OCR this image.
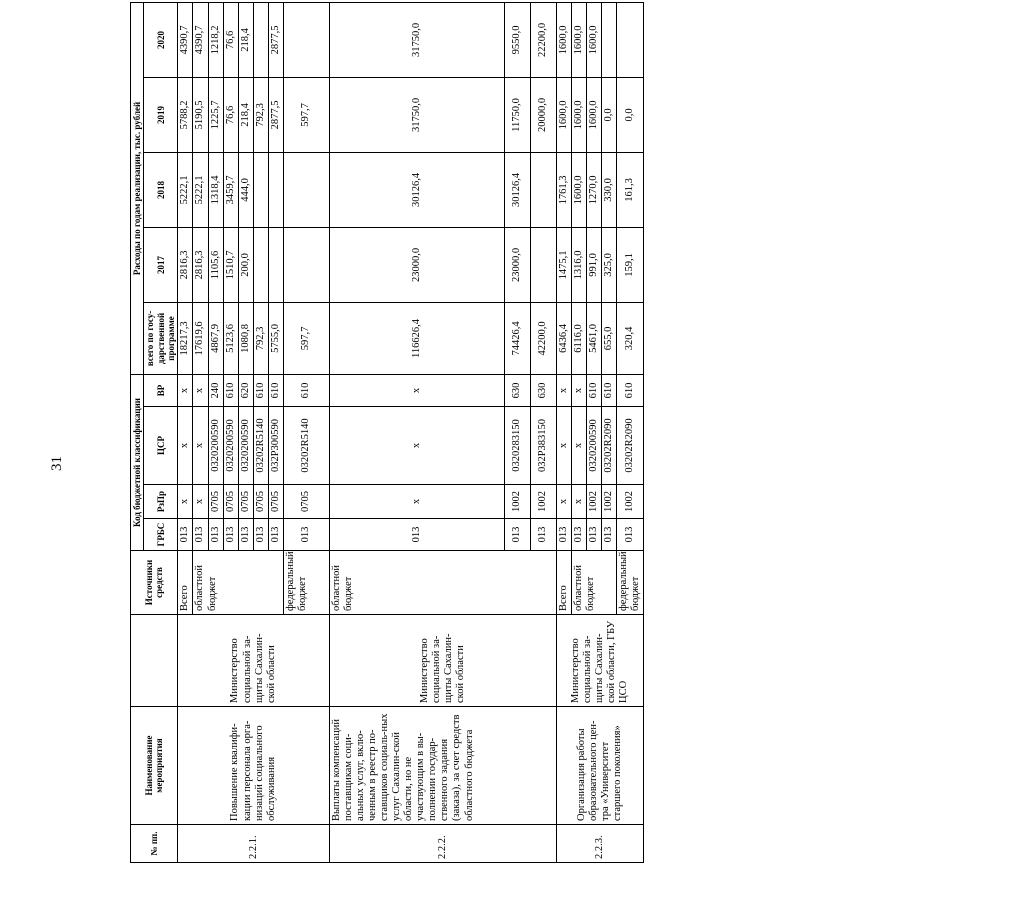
31
№ пп.	Наименование мероприятия		Источники средств	Код бюджетной классификации				Расходы по годам реализации, тыс. рублей				
				ГРБС	РзПр	ЦСР	ВР	всего по госу-дарственной программе	2017	2018	2019	2020
2.2.1.	Повышение квалифи-кации персонала орга-низаций социального обслуживания	Министерство социальной за-щиты Сахалин-ской области	Всего	013	х	х	х	18217,3	2816,3	5222,1	5788,2	4390,7
			областной бюджет	013	х	х	х	17619,6	2816,3	5222,1	5190,5	4390,7
				013	0705	0320200590	240	4867,9	1105,6	1318,4	1225,7	1218,2
				013	0705	0320200590	610	5123,6	1510,7	3459,7	76,6	76,6
				013	0705	0320200590	620	1080,8	200,0	444,0	218,4	218,4
				013	0705	03202R5140	610	792,3			792,3	
				013	0705	032P300590	610	5755,0			2877,5	2877,5
			федеральный бюджет	013	0705	03202R5140	610	597,7			597,7	
2.2.2.	Выплаты компенсаций поставщикам соци-альных услуг, вклю-ченным в реестр по-ставщиков социаль-ных услуг Сахалин-ской области, но не участвующим в вы-полнении государ-ственного задания (заказа), за счет средств областного бюджета	Министерство социальной за-щиты Сахалин-ской области	областной бюджет	013	х	х	х	116626,4	23000,0	30126,4	31750,0	31750,0
				013	1002	0320283150	630	74426,4	23000,0	30126,4	11750,0	9550,0
				013	1002	032P383150	630	42200,0			20000,0	22200,0
2.2.3.	Организация работы образовательного цен-тра «Университет старшего поколения»	Министерство социальной за-щиты Сахалин-ской области, ГБУ ЦСО	Всего	013	х	х	х	6436,4	1475,1	1761,3	1600,0	1600,0
			областной бюджет	013	х	х	х	6116,0	1316,0	1600,0	1600,0	1600,0
				013	1002	0320200590	610	5461,0	991,0	1270,0	1600,0	1600,0
				013	1002	03202R2090	610	655,0	325,0	330,0	0,0	
			федеральный бюджет	013	1002	03202R2090	610	320,4	159,1	161,3	0,0	
